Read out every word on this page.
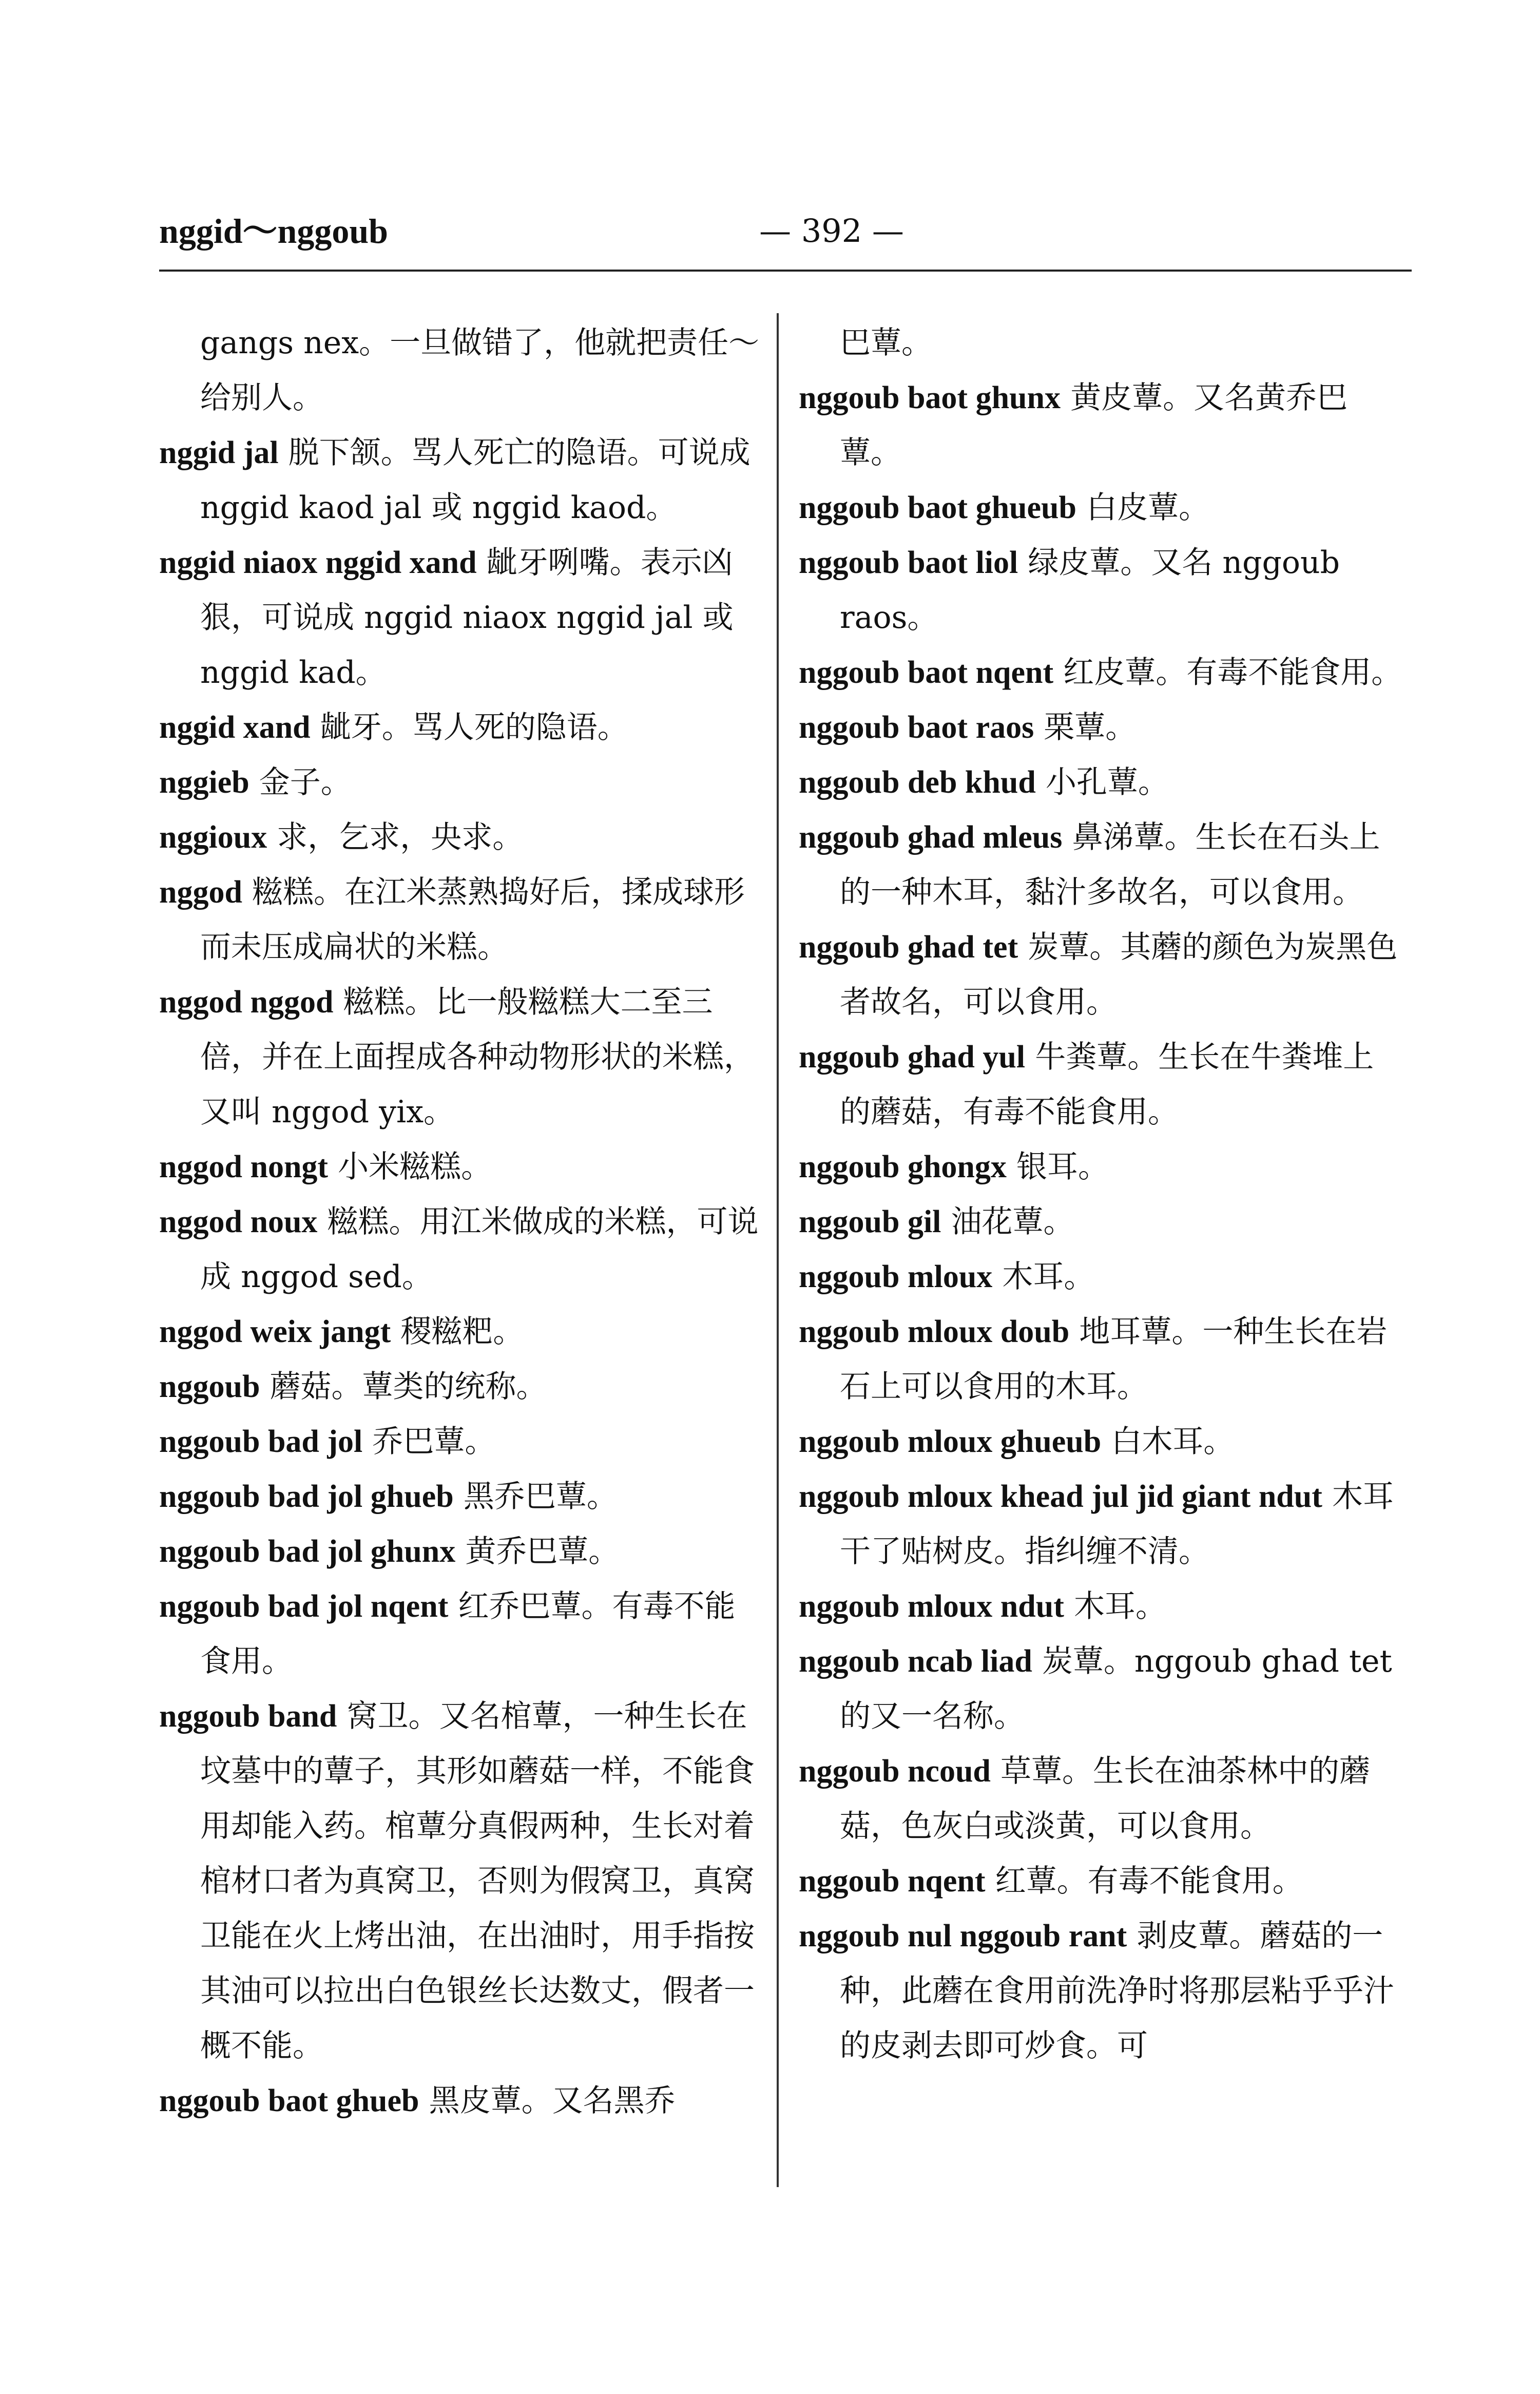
nggid～nggoub	— 392 —
gangs nex。一旦做错了，他就把责任～给别人。
nggid jal 脱下颔。骂人死亡的隐语。可说成 nggid kaod jal 或 nggid kaod。
nggid niaox nggid xand 龇牙咧嘴。表示凶狠，可说成 nggid niaox nggid jal 或 nggid kad。
nggid xand 龇牙。骂人死的隐语。
nggieb 金子。
nggioux 求，乞求，央求。
nggod 糍糕。在江米蒸熟捣好后，揉成球形而未压成扁状的米糕。
nggod nggod 糍糕。比一般糍糕大二至三倍，并在上面捏成各种动物形状的米糕，又叫 nggod yix。
nggod nongt 小米糍糕。
nggod noux 糍糕。用江米做成的米糕，可说成 nggod sed。
nggod weix jangt 稷糍粑。
nggoub 蘑菇。蕈类的统称。
nggoub bad jol 乔巴蕈。
nggoub bad jol ghueb 黑乔巴蕈。
nggoub bad jol ghunx 黄乔巴蕈。
nggoub bad jol nqent 红乔巴蕈。有毒不能食用。
nggoub band 窝卫。又名棺蕈，一种生长在坟墓中的蕈子，其形如蘑菇一样，不能食用却能入药。棺蕈分真假两种，生长对着棺材口者为真窝卫，否则为假窝卫，真窝卫能在火上烤出油，在出油时，用手指按其油可以拉出白色银丝长达数丈，假者一概不能。
nggoub baot ghueb 黑皮蕈。又名黑乔
巴蕈。
nggoub baot ghunx 黄皮蕈。又名黄乔巴蕈。
nggoub baot ghueub 白皮蕈。
nggoub baot liol 绿皮蕈。又名 nggoub raos。
nggoub baot nqent 红皮蕈。有毒不能食用。
nggoub baot raos 栗蕈。
nggoub deb khud 小孔蕈。
nggoub ghad mleus 鼻涕蕈。生长在石头上的一种木耳，黏汁多故名，可以食用。
nggoub ghad tet 炭蕈。其蘑的颜色为炭黑色者故名，可以食用。
nggoub ghad yul 牛粪蕈。生长在牛粪堆上的蘑菇，有毒不能食用。
nggoub ghongx 银耳。
nggoub gil 油花蕈。
nggoub mloux 木耳。
nggoub mloux doub 地耳蕈。一种生长在岩石上可以食用的木耳。
nggoub mloux ghueub 白木耳。
nggoub mloux khead jul jid giant ndut 木耳干了贴树皮。指纠缠不清。
nggoub mloux ndut 木耳。
nggoub ncab liad 炭蕈。nggoub ghad tet 的又一名称。
nggoub ncoud 草蕈。生长在油茶林中的蘑菇，色灰白或淡黄，可以食用。
nggoub nqent 红蕈。有毒不能食用。
nggoub nul nggoub rant 剥皮蕈。蘑菇的一种，此蘑在食用前洗净时将那层粘乎乎汁的皮剥去即可炒食。可
